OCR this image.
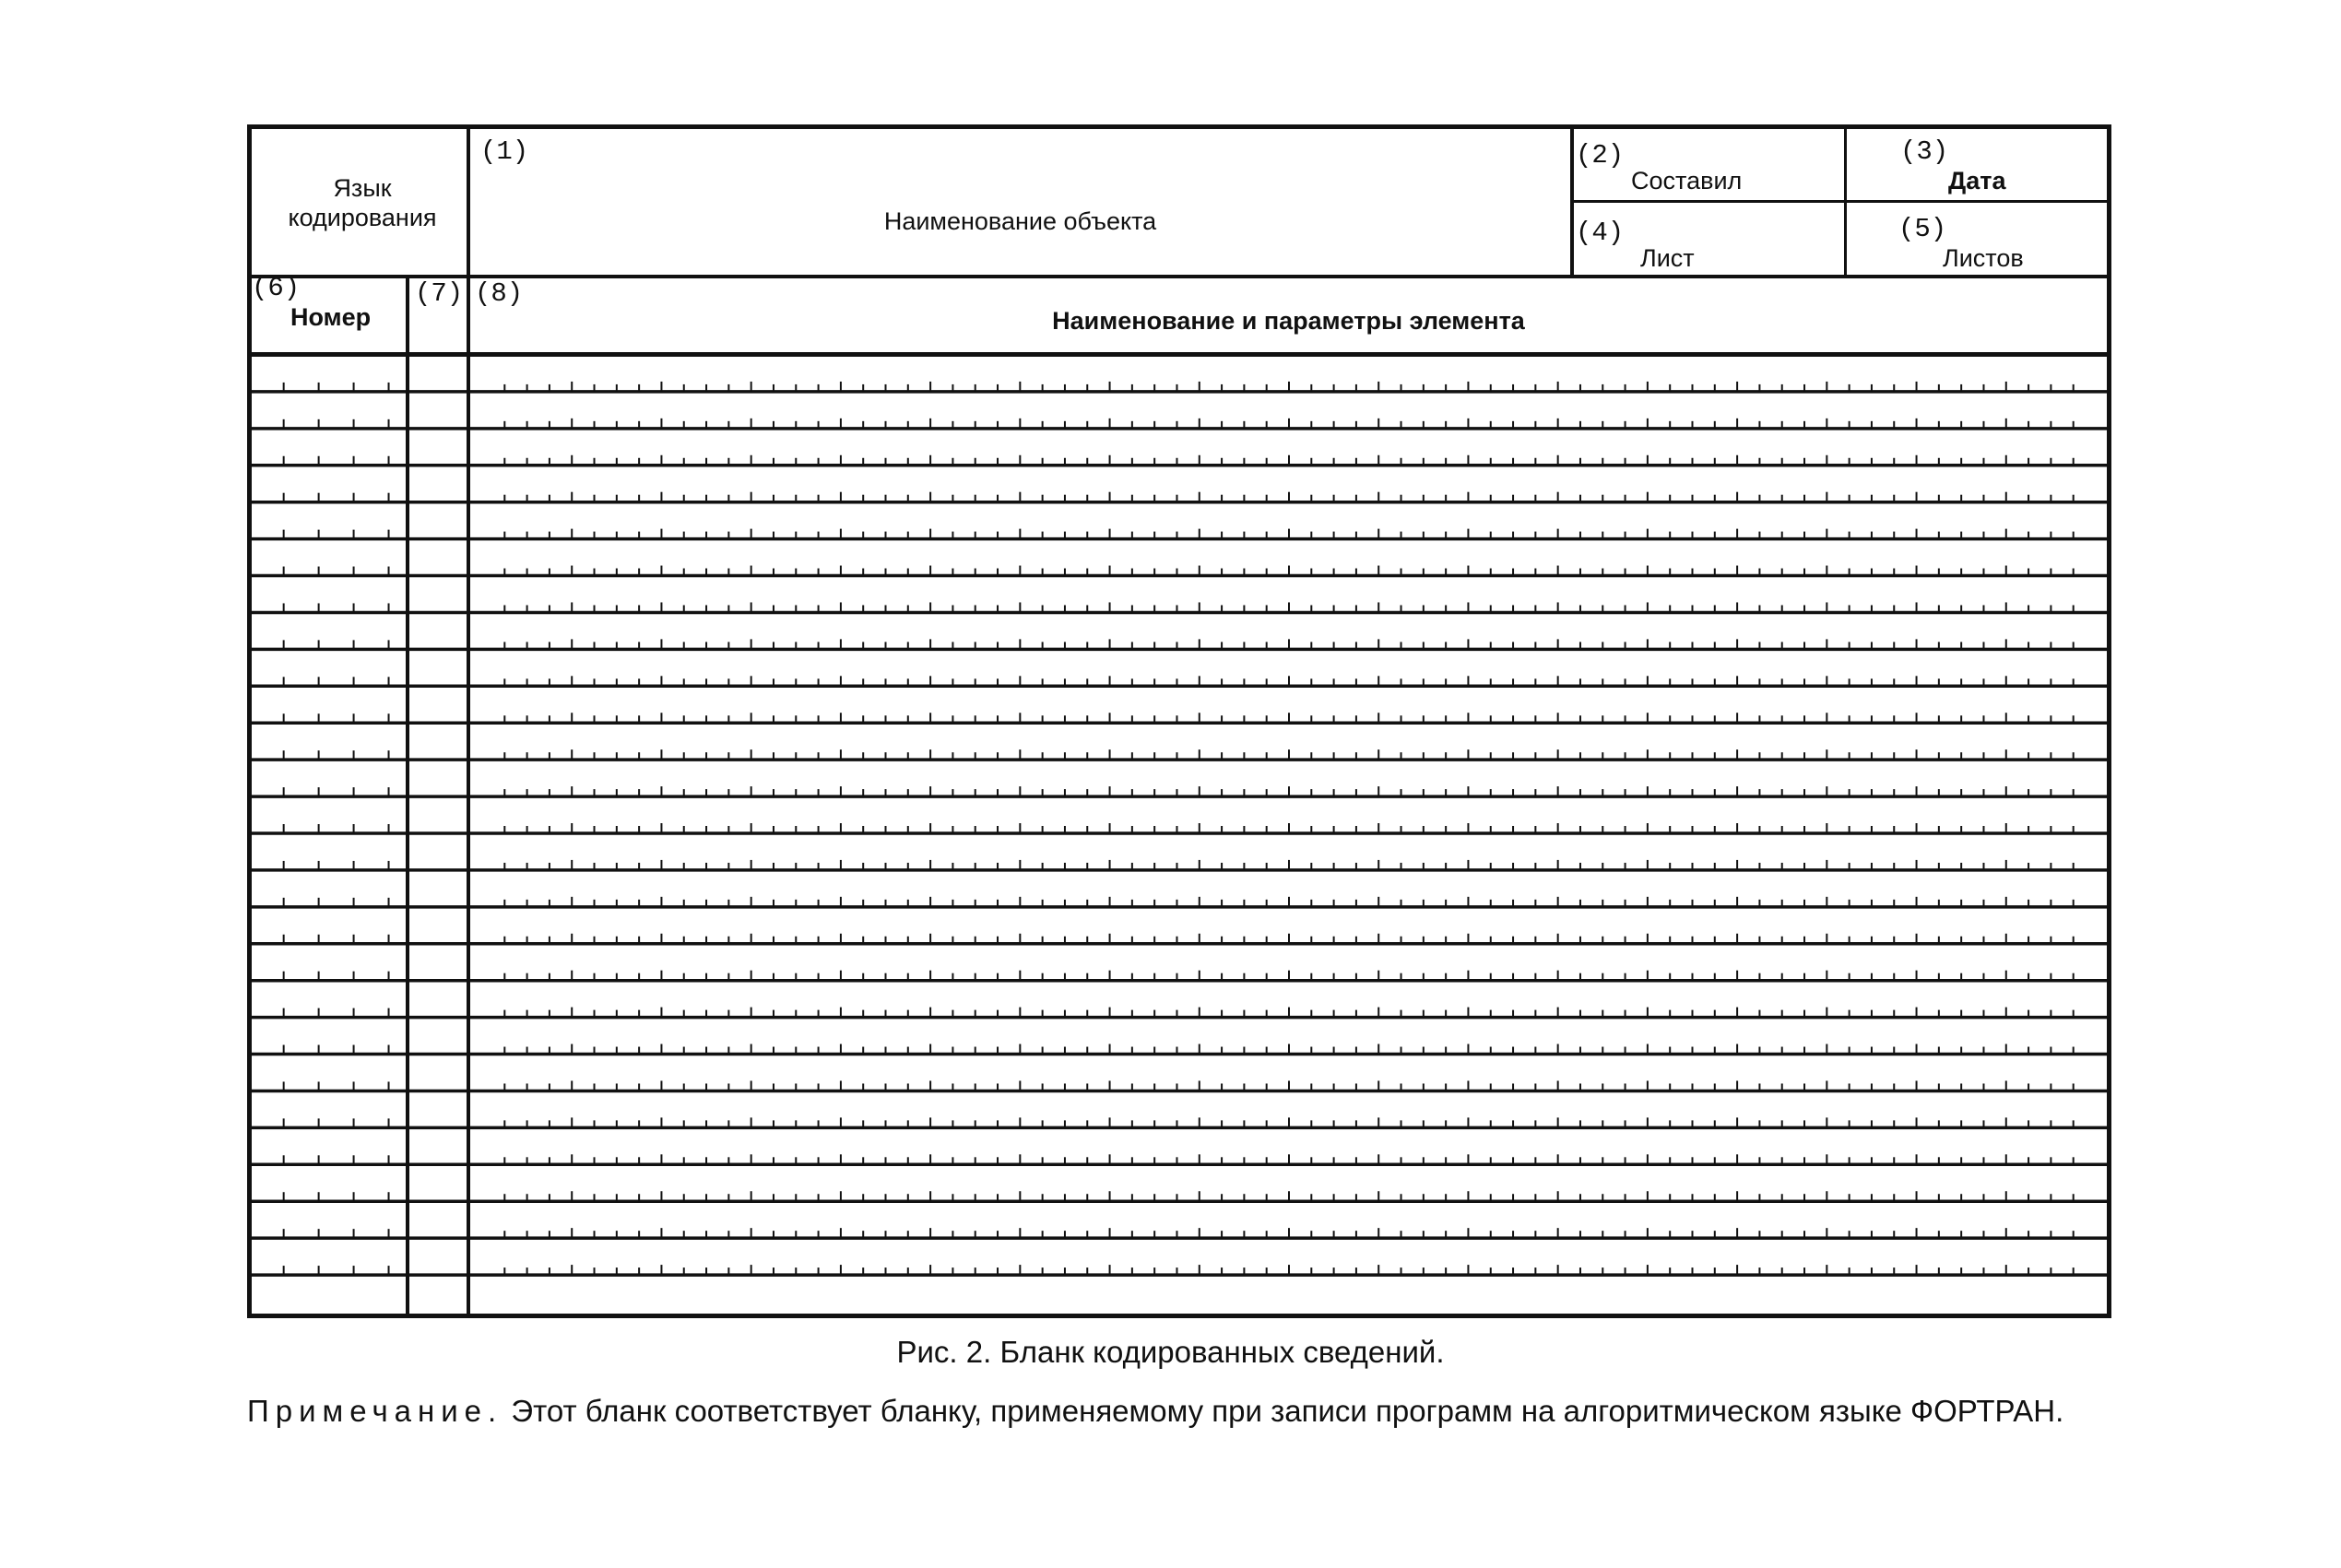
Язык кодирования
(1)
Наименование объекта
(2)
Составил
(3)
Дата
(4)
Лист
(5)
Листов
(6)
Номер
(7) (8)
Наименование и параметры элемента
Рис. 2. Бланк кодированных сведений.
Примечание. Этот бланк соответствует бланку, применяемому при записи программ на алгоритмическом языке ФОРТРАН.
